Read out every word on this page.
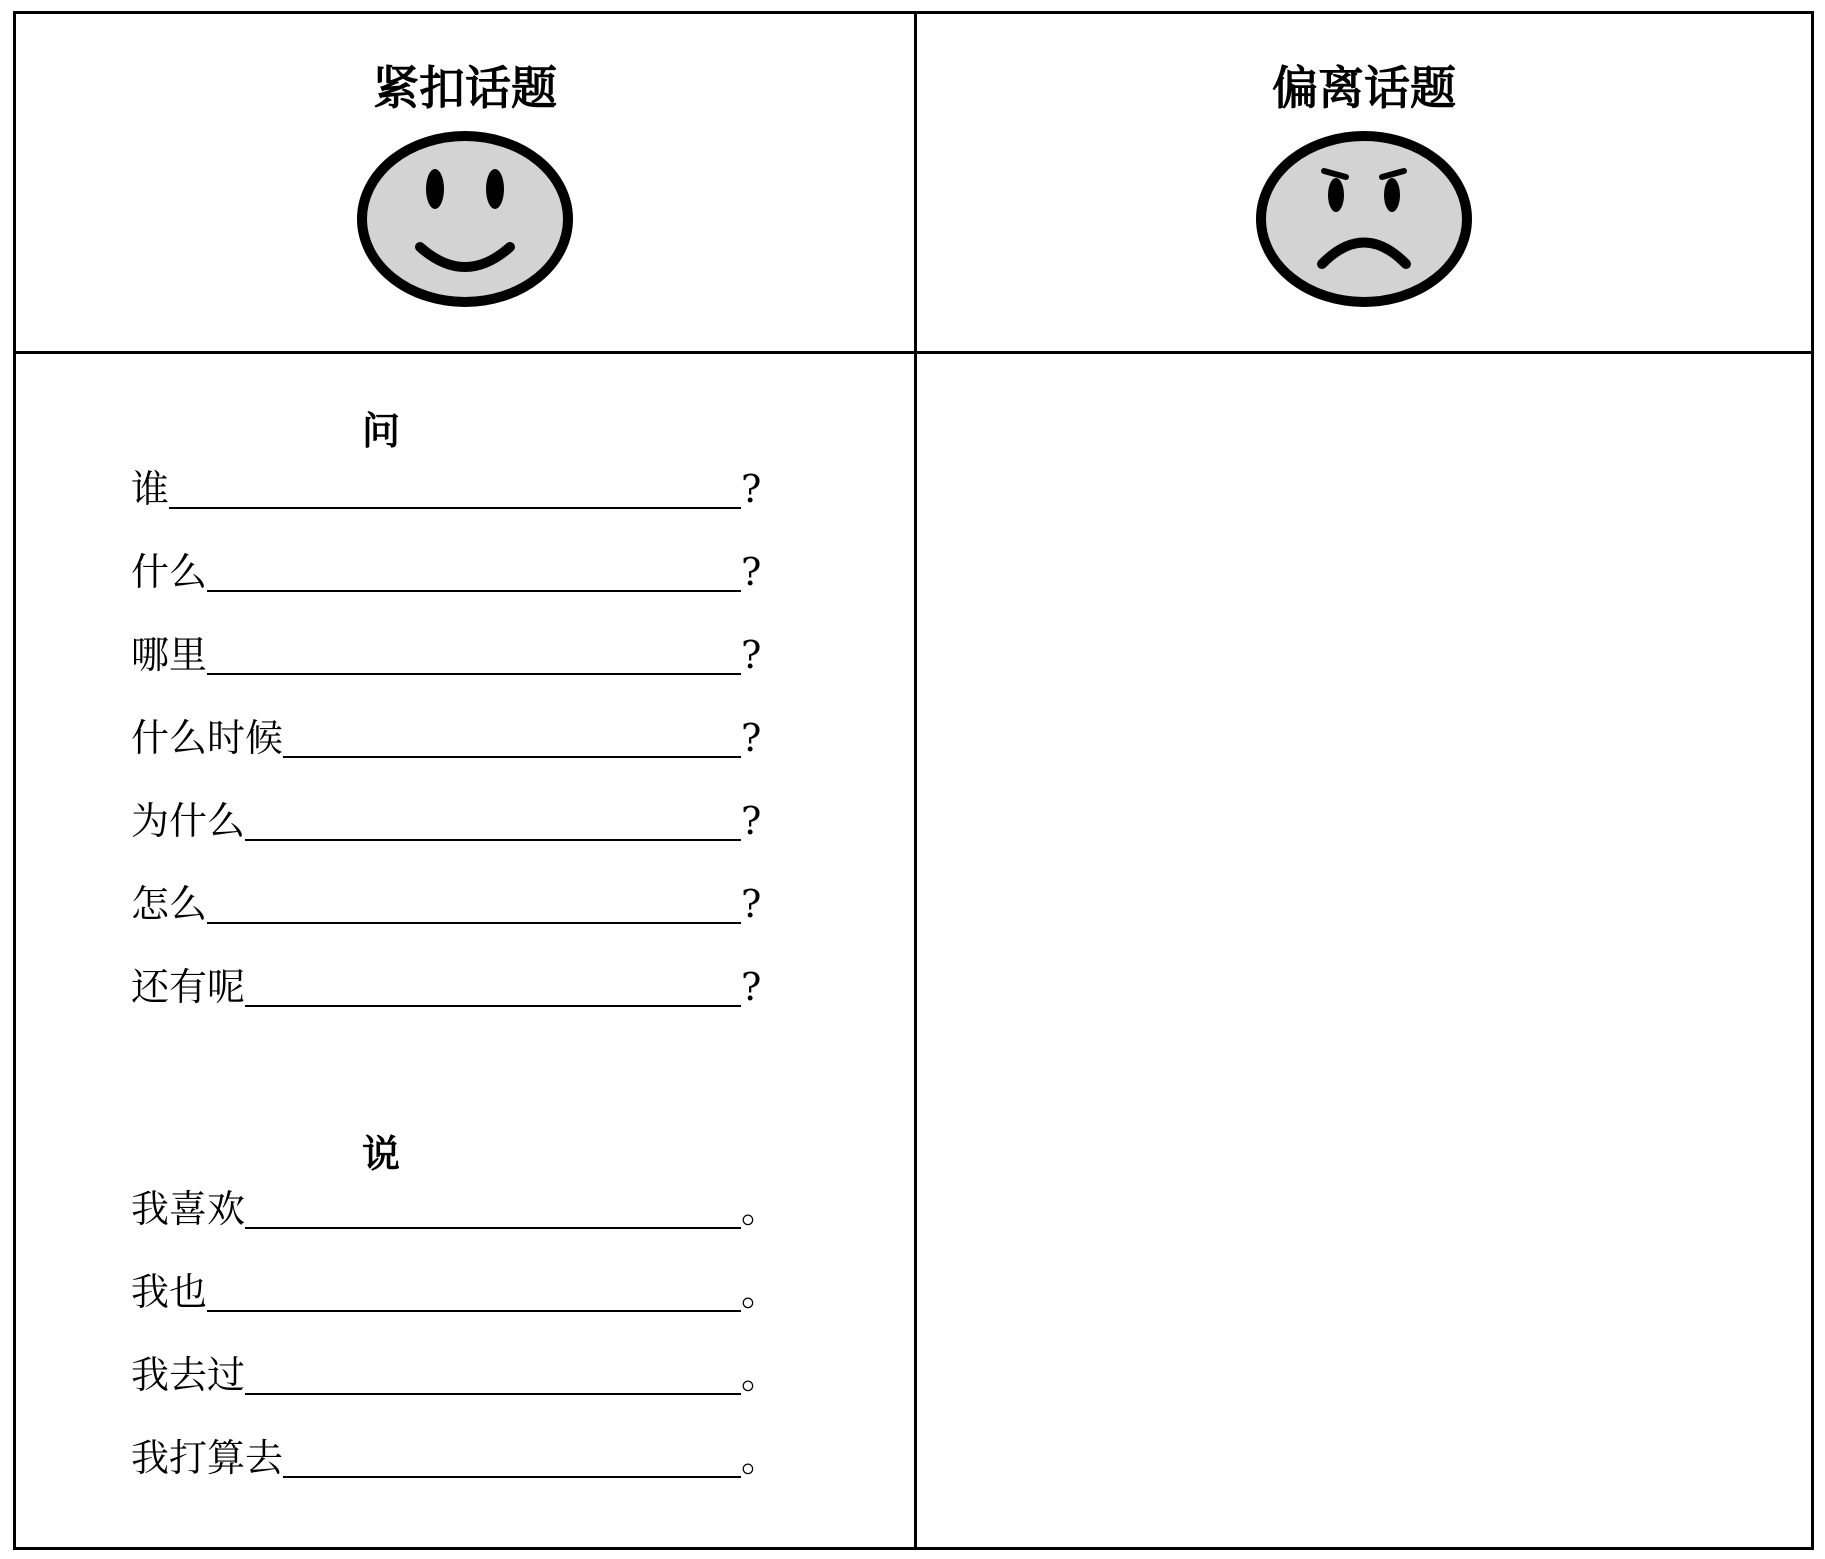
紧扣话题	偏离话题
问
谁	?
什么	?
哪里	?
什么时候	?
为什么	?
怎么	?
还有呢	?
说
我喜欢	。
我也	。
我去过	。
我打算去	。
